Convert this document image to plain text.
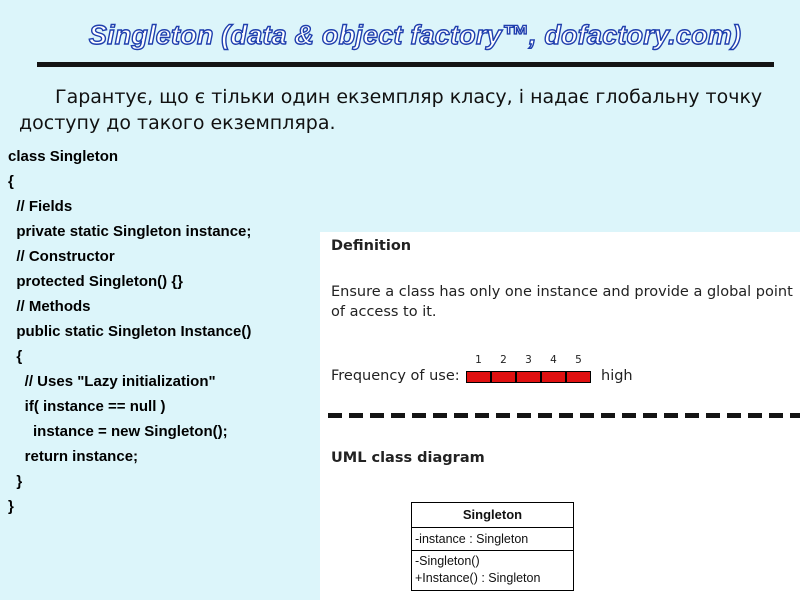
Singleton (data & object factory™, dofactory.com)
Гарантує, що є тільки один екземпляр класу, і надає глобальну точку доступу до такого екземпляра.
class Singleton
{
// Fields
private static Singleton instance;
// Constructor
protected Singleton() {}
// Methods
public static Singleton Instance()
{
// Uses "Lazy initialization"
if( instance == null )
instance = new Singleton();
return instance;
}
}
Definition
Ensure a class has only one instance and provide a global point of access to it.
1	2	3	4	5
Frequency of use:	high
UML class diagram
Singleton
-instance : Singleton
-Singleton()
+Instance() : Singleton
